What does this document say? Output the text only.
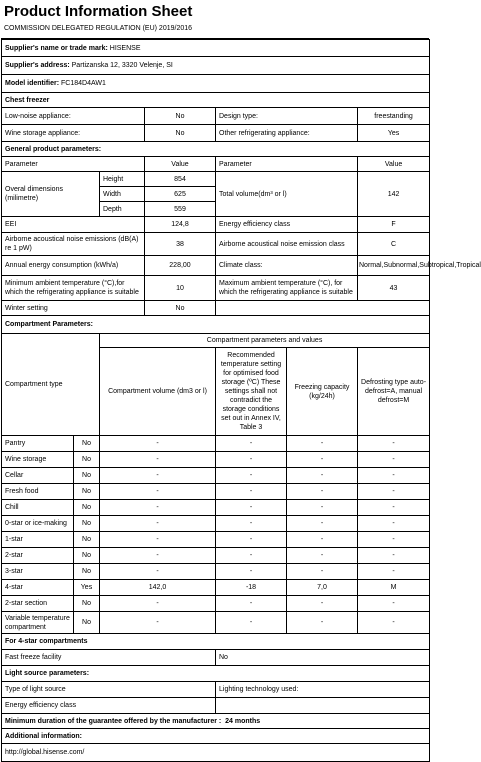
Product Information Sheet
COMMISSION DELEGATED REGULATION (EU) 2019/2016
Supplier's name or trade mark: HISENSE						
Supplier's address: Partizanska 12, 3320 Velenje, SI						
Model identifier: FC184D4AW1						
Chest freezer						
Low-noise appliance:			No	Design type:		freestanding
Wine storage appliance:			No	Other refrigerating appliance:		Yes
General product parameters:						
Parameter			Value	Parameter		Value
Overal dimensions (milimetre)		Height	854	Total volume(dm³ or l)		142
		Width	625			
		Depth	559			
EEI			124,8	Energy efficiency class		F
Airborne acoustical noise emissions (dB(A) re 1 pW)			38	Airborne acoustical noise emission class		C
Annual energy consumption (kWh/a)			228,00	Climate class:		Normal,Subnormal,Subtropical,Tropical
Minimum ambient temperature (°C),for which the refrigerating appliance is suitable			10	Maximum ambient temperature (°C), for which the refrigerating appliance is suitable		43
Winter setting			No			
Compartment Parameters:						
Compartment type		Compartment parameters and values				
		Compartment volume (dm3 or l)		Recommended temperature setting for optimised food storage (ºC) These settings shall not contradict the storage conditions set out in Annex IV, Table 3	Freezing capacity (kg/24h)	Defrosting type auto-defrost=A, manual defrost=M
Pantry	No	-		-	-	-
Wine storage	No	-		-	-	-
Cellar	No	-		-	-	-
Fresh food	No	-		-	-	-
Chill	No	-		-	-	-
0-star or ice-making	No	-		-	-	-
1-star	No	-		-	-	-
2-star	No	-		-	-	-
3-star	No	-		-	-	-
4-star	Yes	142,0		-18	7,0	M
2-star section	No	-		-	-	-
Variable temperature compartment	No	-		-	-	-
For 4-star compartments						
Fast freeze facility				No		
Light source parameters:						
Type of light source				Lighting technology used:		
Energy efficiency class						
Minimum duration of the guarantee offered by the manufacturer : 24 months						
Additional information:						
http://global.hisense.com/						
